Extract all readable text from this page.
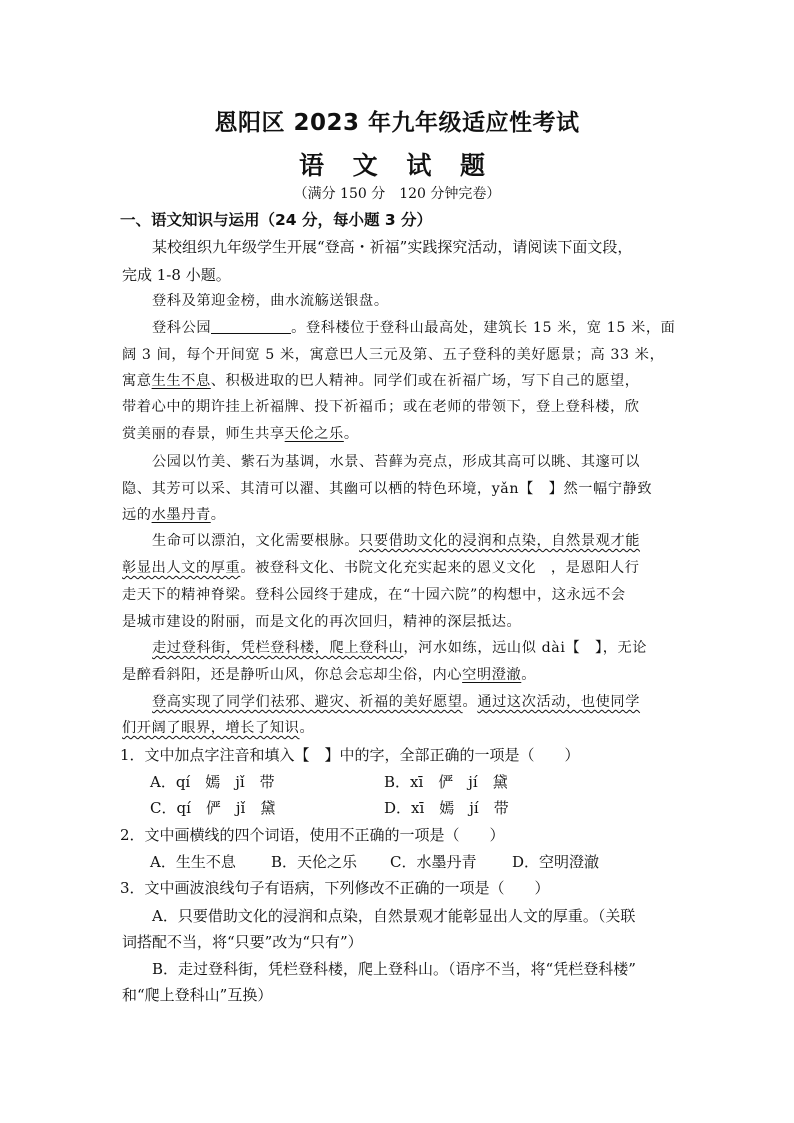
恩阳区 2023 年九年级适应性考试
语 文 试 题
（满分 150 分　120 分钟完卷）
一、语文知识与运用（24 分，每小题 3 分）
某校组织九年级学生开展“登高・祈福”实践探究活动，请阅读下面文段，
完成 1-8 小题。
登科及第迎金榜，曲水流觞送银盘。
登科公园	。登科楼位于登科山最高处，建筑长 15 米，宽 15 米，面
阔 3 间，每个开间宽 5 米，寓意巴人三元及第、五子登科的美好愿景；高 33 米，
寓意生生不息、积极进取的巴人精神。同学们或在祈福广场，写下自己的愿望，
带着心中的期许挂上祈福牌、投下祈福币；或在老师的带领下，登上登科楼，欣
赏美丽的春景，师生共享天伦之乐。
公园以竹美、紫石为基调，水景、苔藓为亮点，形成其高可以眺、其邃可以
隐、其芳可以采、其清可以濯、其幽可以栖的特色环境，yǎn【　】然一幅宁静致
远的水墨丹青。
生命可以漂泊，文化需要根脉。只要借助文化的浸润和点染，自然景观才能
彰显出人文的厚重。被登科文化、书院文化充实起来的恩义文化　，是恩阳人行
走天下的精神脊梁。登科公园终于建成，在“十园六院”的构想中，这永远不会
是城市建设的附丽，而是文化的再次回归，精神的深层抵达。
走过登科街，凭栏登科楼，爬上登科山，河水如练，远山似 dài【　】，无论
是醉看斜阳，还是静听山风，你总会忘却尘俗，内心空明澄澈。
登高实现了同学们祛邪、避灾、祈福的美好愿望。通过这次活动，也使同学
们开阔了眼界，增长了知识。
1．文中加点字注音和填入【　】中的字，全部正确的一项是（　　）
A．qí　嫣　jǐ　带	B．xī　俨　jí　黛
C．qí　俨　jǐ　黛	D．xī　嫣　jí　带
2．文中画横线的四个词语，使用不正确的一项是（　　）
A．生生不息 B．天伦之乐 C．水墨丹青 D．空明澄澈
3．文中画波浪线句子有语病，下列修改不正确的一项是（　　）
A．只要借助文化的浸润和点染，自然景观才能彰显出人文的厚重。（关联
词搭配不当，将“只要”改为“只有”）
B．走过登科街，凭栏登科楼，爬上登科山。（语序不当，将“凭栏登科楼”
和“爬上登科山”互换）
